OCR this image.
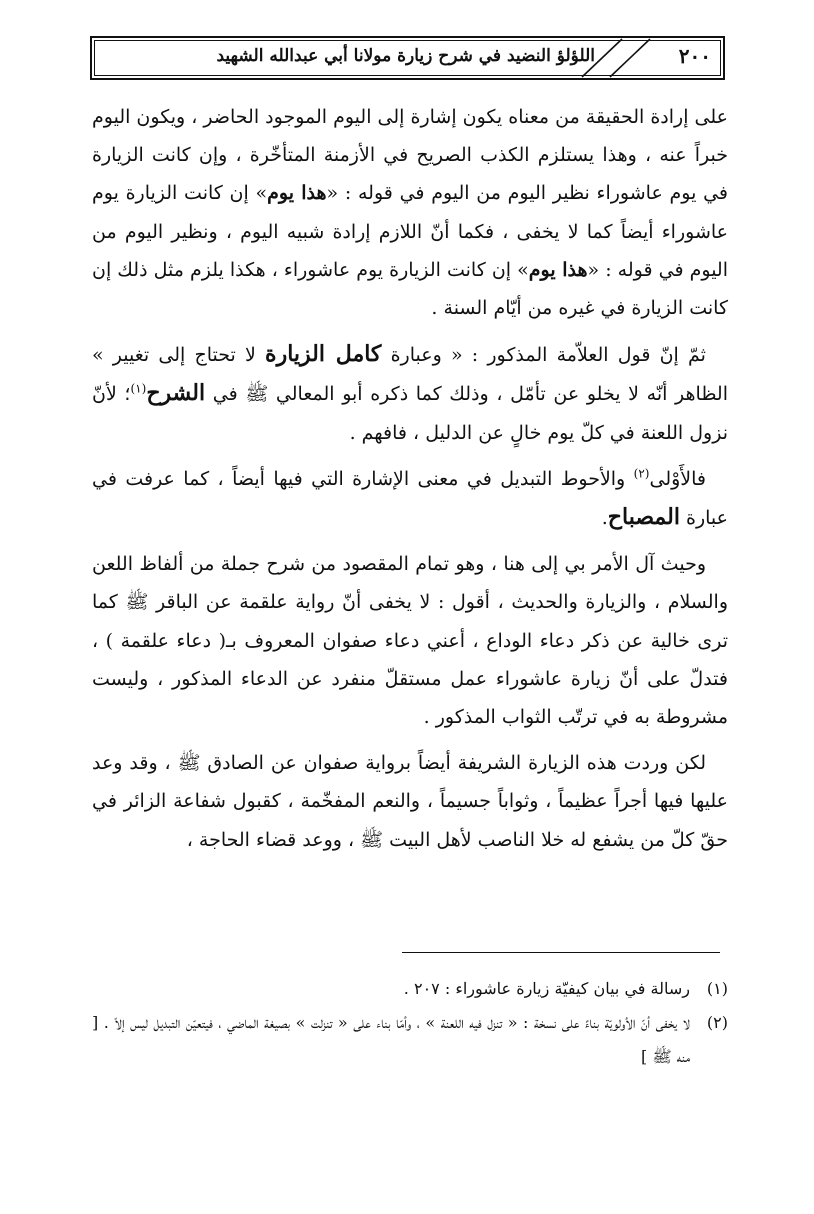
٢٠٠
اللؤلؤ النضيد في شرح زيارة مولانا أبي عبدالله الشهيد

على إرادة الحقيقة من معناه يكون إشارة إلى اليوم الموجود الحاضر ، ويكون اليوم خبراً عنه ، وهذا يستلزم الكذب الصريح في الأزمنة المتأخّرة ، وإن كانت الزيارة في يوم عاشوراء نظير اليوم من اليوم في قوله : «هذا يوم» إن كانت الزيارة يوم عاشوراء أيضاً كما لا يخفى ، فكما أنّ اللازم إرادة شبيه اليوم ، ونظير اليوم من اليوم في قوله : «هذا يوم» إن كانت الزيارة يوم عاشوراء ، هكذا يلزم مثل ذلك إن كانت الزيارة في غيره من أيّام السنة .

ثمّ إنّ قول العلاّمة المذكور : « وعبارة كامل الزيارة لا تحتاج إلى تغيير » الظاهر أنّه لا يخلو عن تأمّل ، وذلك كما ذكره أبو المعالي ﷺ في الشرح$^{(١)}$؛ لأنّ نزول اللعنة في كلّ يوم خالٍ عن الدليل ، فافهم .

فالأَوْلى$^{(٢)}$ والأحوط التبديل في معنى الإشارة التي فيها أيضاً ، كما عرفت في عبارة المصباح.

وحيث آل الأمر بي إلى هنا ، وهو تمام المقصود من شرح جملة من ألفاظ اللعن والسلام ، والزيارة والحديث ، أقول : لا يخفى أنّ رواية علقمة عن الباقر ﷺ كما ترى خالية عن ذكر دعاء الوداع ، أعني دعاء صفوان المعروف بـ( دعاء علقمة ) ، فتدلّ على أنّ زيارة عاشوراء عمل مستقلّ منفرد عن الدعاء المذكور ، وليست مشروطة به في ترتّب الثواب المذكور .

لكن وردت هذه الزيارة الشريفة أيضاً برواية صفوان عن الصادق ﷺ ، وقد وعد عليها فيها أجراً عظيماً ، وثواباً جسيماً ، والنعم المفخّمة ، كقبول شفاعة الزائر في حقّ كلّ من يشفع له خلا الناصب لأهل البيت ﷺ ، ووعد قضاء الحاجة ،

(١)
رسالة في بيان كيفيّة زيارة عاشوراء : ٢٠٧ .
(٢)
لا يخفى أنّ الأولويّة بناءً على نسخة : « تنزل فيه اللعنة » ، وأمّا بناء على « تنزلت » بصيغة الماضي ، فيتعيّن التبديل ليس إلاّ . [ منه ﷺ ]
